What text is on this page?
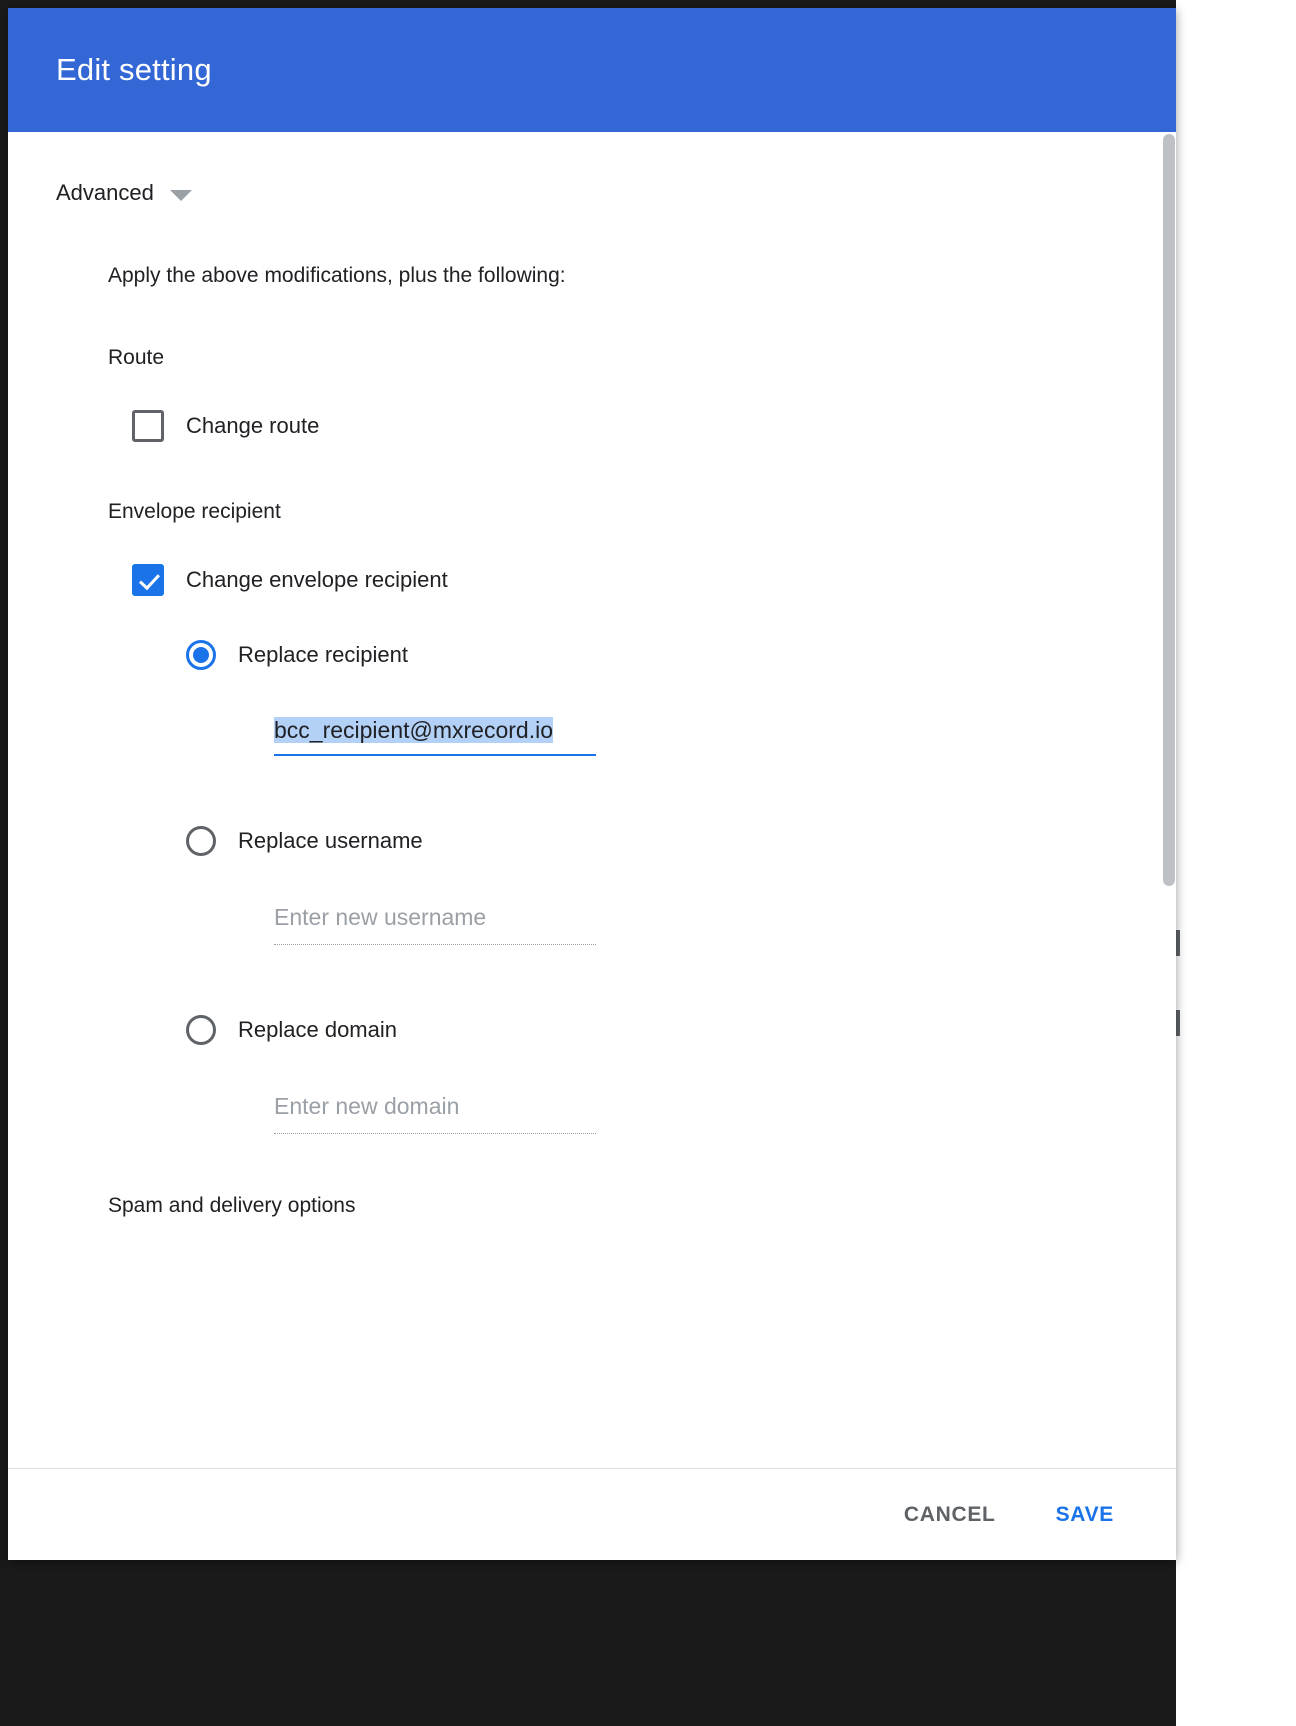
Edit setting
Advanced
Apply the above modifications, plus the following:
Route
Change route
Envelope recipient
Change envelope recipient
Replace recipient
bcc_recipient@mxrecord.io
Replace username
Enter new username
Replace domain
Enter new domain
Spam and delivery options
CANCEL	SAVE
